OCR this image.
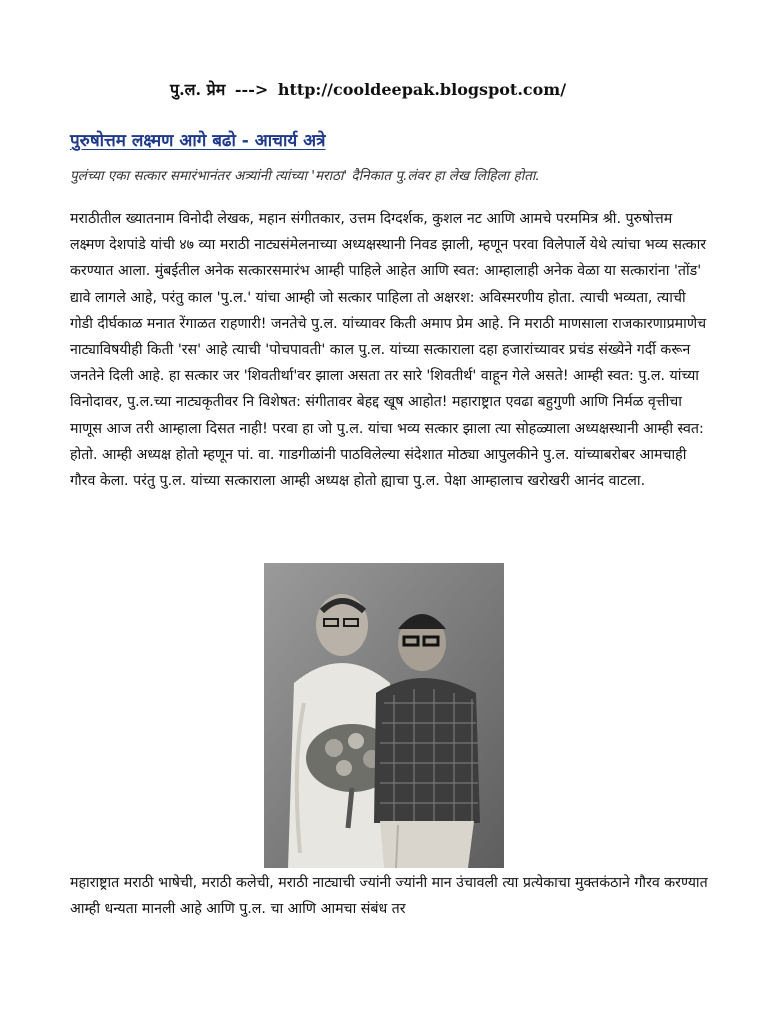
पु.ल. प्रेम ---> http://cooldeepak.blogspot.com/
पुरुषोत्तम लक्ष्मण आगे बढो - आचार्य अत्रे
पुलंच्या एका सत्कार समारंभानंतर अत्र्यांनी त्यांच्या 'मराठा' दैनिकात पु.लंवर हा लेख लिहिला होता.

मराठीतील ख्यातनाम विनोदी लेखक, महान संगीतकार, उत्तम दिग्दर्शक, कुशल नट आणि आमचे परममित्र श्री. पुरुषोत्तम लक्ष्मण देशपांडे यांची ४७ व्या मराठी नाट्यसंमेलनाच्या अध्यक्षस्थानी निवड झाली, म्हणून परवा विलेपार्ले येथे त्यांचा भव्य सत्कार करण्यात आला. मुंबईतील अनेक सत्कारसमारंभ आम्ही पाहिले आहेत आणि स्वत: आम्हालाही अनेक वेळा या सत्कारांना 'तोंड' द्यावे लागले आहे, परंतु काल 'पु.ल.' यांचा आम्ही जो सत्कार पाहिला तो अक्षरश: अविस्मरणीय होता. त्याची भव्यता, त्याची गोडी दीर्घकाळ मनात रेंगाळत राहणारी! जनतेचे पु.ल. यांच्यावर किती अमाप प्रेम आहे. नि मराठी माणसाला राजकारणाप्रमाणेच नाट्याविषयीही किती 'रस' आहे त्याची 'पोचपावती' काल पु.ल. यांच्या सत्काराला दहा हजारांच्यावर प्रचंड संख्येने गर्दी करून जनतेने दिली आहे. हा सत्कार जर 'शिवतीर्था'वर झाला असता तर सारे 'शिवतीर्थ' वाहून गेले असते! आम्ही स्वत: पु.ल. यांच्या विनोदावर, पु.ल.च्या नाट्यकृतीवर नि विशेषत: संगीतावर बेहद्द खूष आहोत! महाराष्ट्रात एवढा बहुगुणी आणि निर्मळ वृत्तीचा माणूस आज तरी आम्हाला दिसत नाही! परवा हा जो पु.ल. यांचा भव्य सत्कार झाला त्या सोहळ्याला अध्यक्षस्थानी आम्ही स्वत: होतो. आम्ही अध्यक्ष होतो म्हणून पां. वा. गाडगीळांनी पाठविलेल्या संदेशात मोठ्या आपुलकीने पु.ल. यांच्याबरोबर आमचाही गौरव केला. परंतु पु.ल. यांच्या सत्काराला आम्ही अध्यक्ष होतो ह्याचा पु.ल. पेक्षा आम्हालाच खरोखरी आनंद वाटला.

महाराष्ट्रात मराठी भाषेची, मराठी कलेची, मराठी नाट्याची ज्यांनी ज्यांनी मान उंचावली त्या प्रत्येकाचा मुक्तकंठाने गौरव करण्यात आम्ही धन्यता मानली आहे आणि पु.ल. चा आणि आमचा संबंध तर
